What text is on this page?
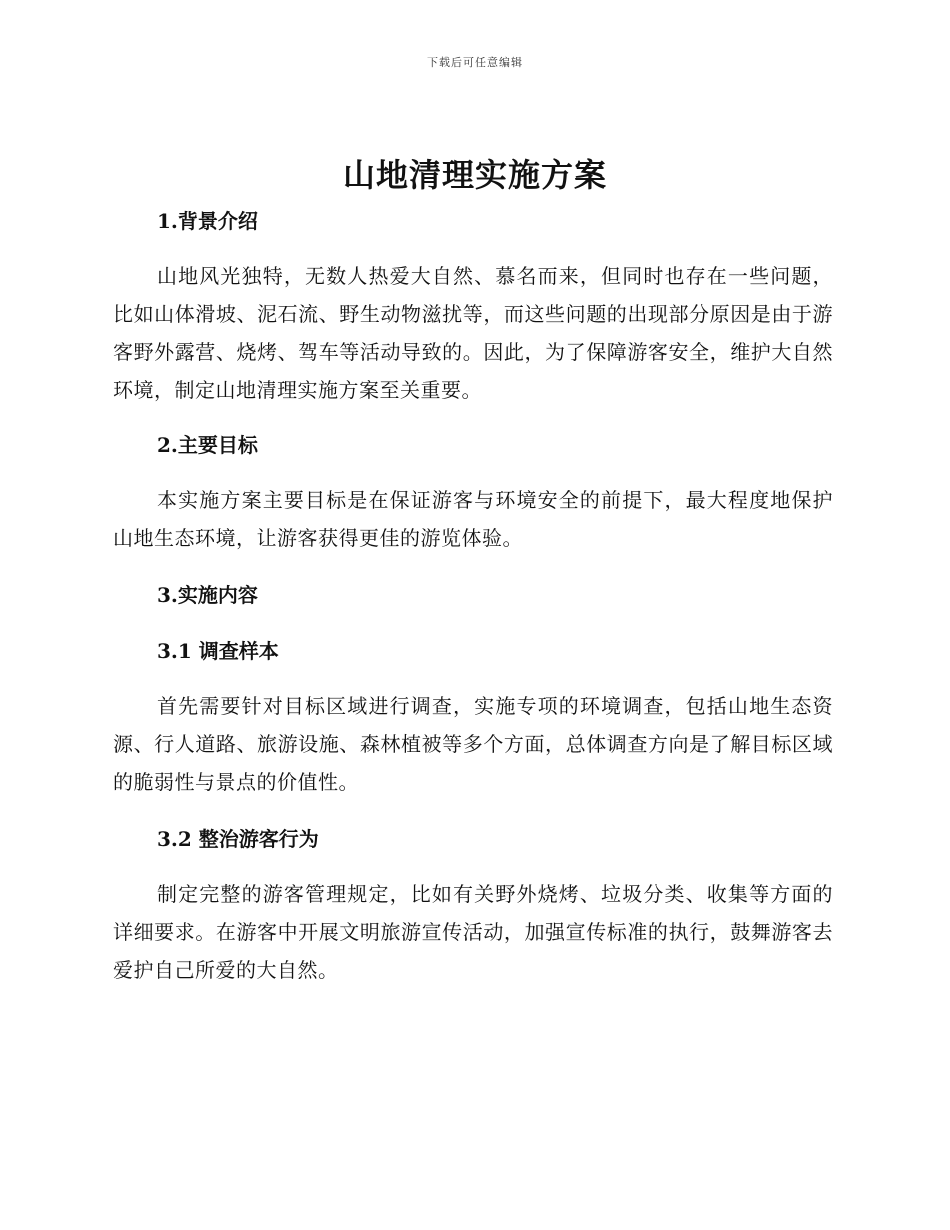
下载后可任意编辑
山地清理实施方案
1.背景介绍

山地风光独特，无数人热爱大自然、慕名而来，但同时也存在一些问题，比如山体滑坡、泥石流、野生动物滋扰等，而这些问题的出现部分原因是由于游客野外露营、烧烤、驾车等活动导致的。因此，为了保障游客安全，维护大自然环境，制定山地清理实施方案至关重要。

2.主要目标

本实施方案主要目标是在保证游客与环境安全的前提下，最大程度地保护山地生态环境，让游客获得更佳的游览体验。

3.实施内容
3.1 调查样本

首先需要针对目标区域进行调查，实施专项的环境调查，包括山地生态资源、行人道路、旅游设施、森林植被等多个方面，总体调查方向是了解目标区域的脆弱性与景点的价值性。

3.2 整治游客行为

制定完整的游客管理规定，比如有关野外烧烤、垃圾分类、收集等方面的详细要求。在游客中开展文明旅游宣传活动，加强宣传标准的执行，鼓舞游客去爱护自己所爱的大自然。
